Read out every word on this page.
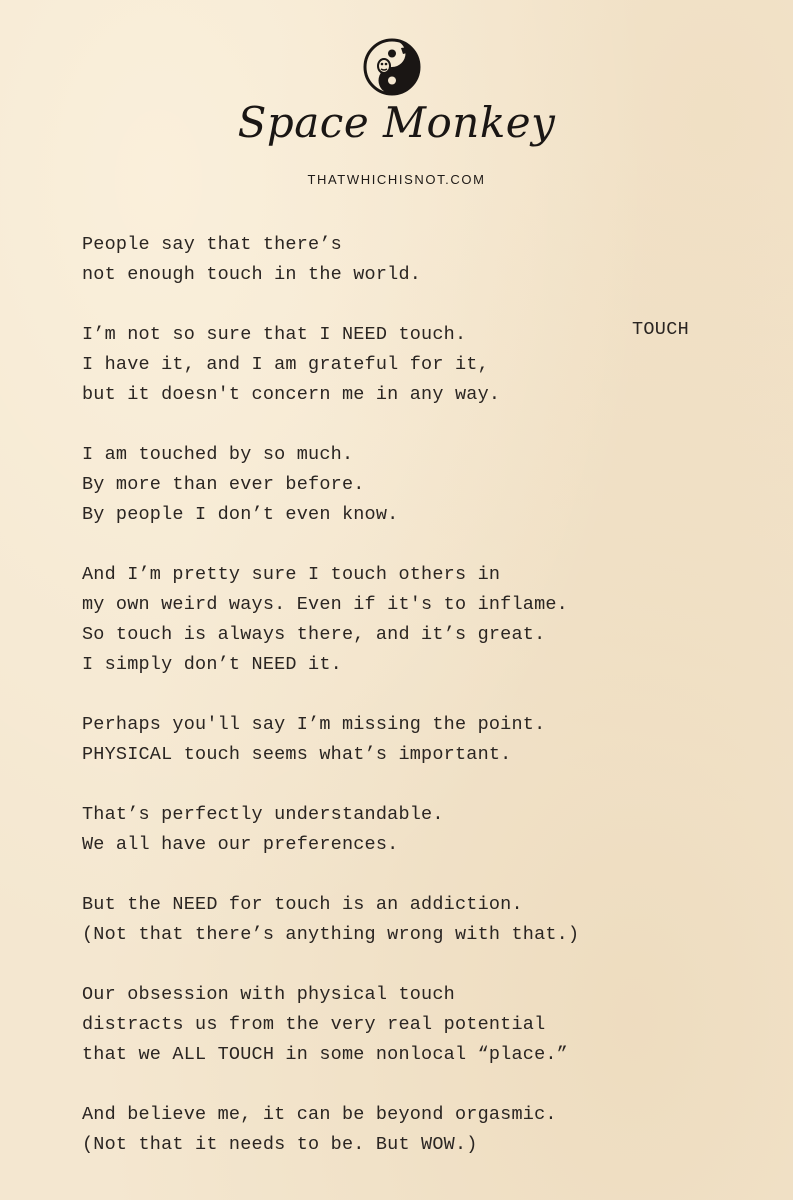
Space Monkey
THATWHICHISNOT.COM
TOUCH
People say that there’s
not enough touch in the world.
I’m not so sure that I NEED touch.
I have it, and I am grateful for it,
but it doesn't concern me in any way.
I am touched by so much.
By more than ever before.
By people I don’t even know.
And I’m pretty sure I touch others in
my own weird ways. Even if it's to inflame.
So touch is always there, and it’s great.
I simply don’t NEED it.
Perhaps you'll say I’m missing the point.
PHYSICAL touch seems what’s important.
That’s perfectly understandable.
We all have our preferences.
But the NEED for touch is an addiction.
(Not that there’s anything wrong with that.)
Our obsession with physical touch
distracts us from the very real potential
that we ALL TOUCH in some nonlocal “place.”
And believe me, it can be beyond orgasmic.
(Not that it needs to be. But WOW.)
